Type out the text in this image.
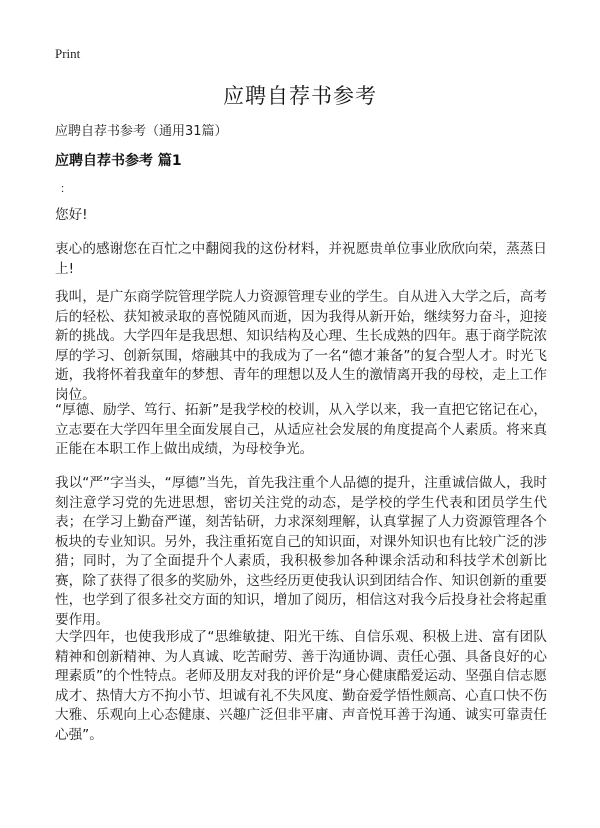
Print
应聘自荐书参考
应聘自荐书参考（通用31篇）
应聘自荐书参考 篇1
：

您好!

衷心的感谢您在百忙之中翻阅我的这份材料，并祝愿贵单位事业欣欣向荣，蒸蒸日上!

我叫，是广东商学院管理学院人力资源管理专业的学生。自从进入大学之后，高考后的轻松、获知被录取的喜悦随风而逝，因为我得从新开始，继续努力奋斗，迎接新的挑战。大学四年是我思想、知识结构及心理、生长成熟的四年。惠于商学院浓厚的学习、创新氛围，熔融其中的我成为了一名“德才兼备”的复合型人才。时光飞逝，我将怀着我童年的梦想、青年的理想以及人生的激情离开我的母校，走上工作岗位。

“厚德、励学、笃行、拓新”是我学校的校训，从入学以来，我一直把它铭记在心，立志要在大学四年里全面发展自己，从适应社会发展的角度提高个人素质。将来真正能在本职工作上做出成绩，为母校争光。

我以“严”字当头，“厚德”当先，首先我注重个人品德的提升，注重诚信做人，我时刻注意学习党的先进思想，密切关注党的动态，是学校的学生代表和团员学生代表；在学习上勤奋严谨，刻苦钻研，力求深刻理解，认真掌握了人力资源管理各个板块的专业知识。另外，我注重拓宽自己的知识面，对课外知识也有比较广泛的涉猎；同时，为了全面提升个人素质，我积极参加各种课余活动和科技学术创新比赛，除了获得了很多的奖励外，这些经历更使我认识到团结合作、知识创新的重要性，也学到了很多社交方面的知识，增加了阅历，相信这对我今后投身社会将起重要作用。

大学四年，也使我形成了“思维敏捷、阳光干练、自信乐观、积极上进、富有团队精神和创新精神、为人真诚、吃苦耐劳、善于沟通协调、责任心强、具备良好的心理素质”的个性特点。老师及朋友对我的评价是“身心健康酷爱运动、坚强自信志愿成才、热情大方不拘小节、坦诚有礼不失风度、勤奋爱学悟性颇高、心直口快不伤大雅、乐观向上心态健康、兴趣广泛但非平庸、声音悦耳善于沟通、诚实可靠责任心强”。
